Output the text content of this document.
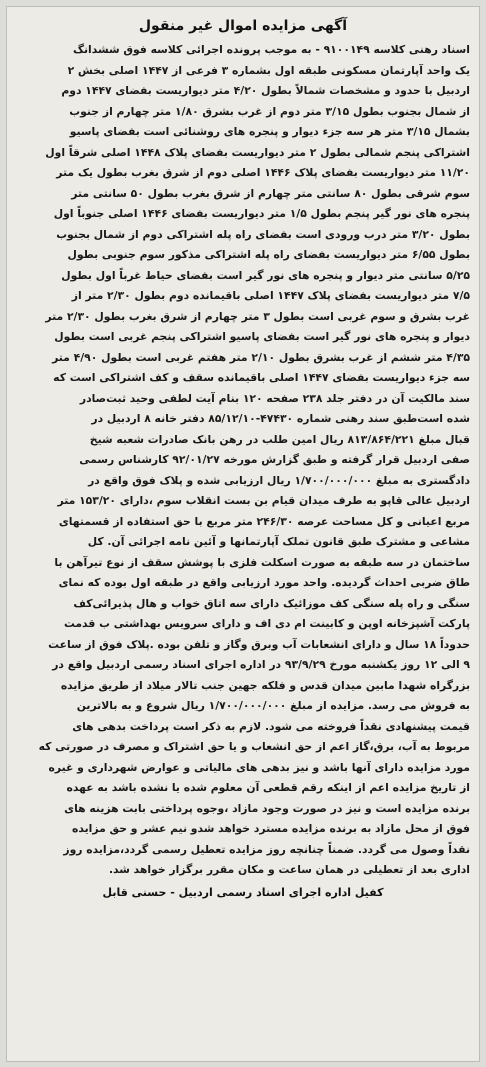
آگهی مزایده اموال غیر منقول
اسناد رهنی کلاسه ۹۱۰۰۱۴۹ - به موجب پرونده اجرائی کلاسه فوق ششدانگ
یک واحد آپارتمان مسکونی طبقه اول بشماره ۳ فرعی از ۱۴۴۷ اصلی بخش ۲
اردبیل با حدود و مشخصات شمالاً بطول ۴/۲۰ متر دیواریست بفضای ۱۴۴۷ دوم
از شمال بجنوب بطول ۳/۱۵ متر دوم از غرب بشرق ۱/۸۰ متر چهارم از جنوب
بشمال ۳/۱۵ متر هر سه جزء دیوار و پنجره های روشنائی است بفضای پاسیو
اشتراکی پنجم شمالی بطول ۲ متر دیواریست بفضای پلاک ۱۴۴۸ اصلی شرقاً اول
۱۱/۲۰ متر دیواریست بفضای پلاک ۱۴۴۶ اصلی دوم از شرق بغرب بطول یک متر
سوم شرقی بطول ۸۰ سانتی متر چهارم از شرق بغرب بطول ۵۰ سانتی متر
پنجره های نور گیر پنجم بطول ۱/۵ متر دیواریست بفضای ۱۴۴۶ اصلی جنوباً اول
بطول ۳/۲۰ متر درب ورودی است بفضای راه پله اشتراکی دوم از شمال بجنوب
بطول ۶/۵۵ متر دیواریست بفضای راه پله اشتراکی مذکور سوم جنوبی بطول
۵/۲۵ سانتی متر دیوار و پنجره های نور گیر است بفضای حیاط غرباً اول بطول
۷/۵ متر دیواریست بفضای پلاک ۱۴۴۷ اصلی باقیمانده دوم بطول ۲/۳۰ متر از
غرب بشرق و سوم غربی است بطول ۳ متر چهارم از شرق بغرب بطول ۲/۳۰ متر
دیوار و پنجره های نور گیر است بفضای پاسیو اشتراکی پنجم غربی است بطول
۴/۳۵ متر ششم از غرب بشرق بطول ۲/۱۰ متر هفتم غربی است بطول ۴/۹۰ متر
سه جزء دیواریست بفضای ۱۴۴۷ اصلی باقیمانده سقف و کف اشتراکی است که
سند مالکیت آن در دفتر جلد ۲۳۸ صفحه ۱۲۰ بنام آیت لطفی وحید ثبت‌صادر
شده است‌طبق سند رهنی شماره ۴۷۴۳۰-۸۵/۱۲/۱۰ دفتر خانه ۸ اردبیل در
قبال مبلغ ۸۱۳/۸۶۴/۲۲۱ ریال امین طلب در رهن بانک صادرات شعبه شیخ
صفی اردبیل قرار گرفته و طبق گزارش مورخه ۹۲/۰۱/۲۷ کارشناس رسمی
دادگستری به مبلغ ۱/۷۰۰/۰۰۰/۰۰۰ ریال ارزیابی شده و پلاک فوق واقع در
اردبیل عالی قاپو به طرف میدان قیام بن بست انقلاب سوم ،دارای ۱۵۳/۲۰ متر
مربع اعیانی و کل مساحت عرصه ۲۴۶/۳۰ متر مربع با حق استفاده از قسمتهای
مشاعی و مشترک طبق قانون تملک آپارتمانها و آئین نامه اجرائی آن. کل
ساختمان در سه طبقه به صورت اسکلت فلزی با پوشش سقف از نوع تیرآهن با
طاق ضربی احداث گردیده. واحد مورد ارزیابی واقع در طبقه اول بوده که نمای
سنگی و راه پله سنگی کف موزائیک دارای سه اتاق خواب و هال پذیرائی‌کف
پارکت آشپزخانه اوپن و کابینت ام دی اف و دارای سرویس بهداشتی ب قدمت
حدوداً ۱۸ سال و دارای انشعابات آب وبرق وگاز و تلفن بوده .پلاک فوق از ساعت
۹ الی ۱۲ روز یکشنبه مورخ ۹۳/۹/۲۹ در اداره اجرای اسناد رسمی اردبیل واقع در
بزرگراه شهدا مابین میدان قدس و فلکه جهین جنب تالار میلاد از طریق مزایده
به فروش می رسد. مزایده از مبلغ ۱/۷۰۰/۰۰۰/۰۰۰ ریال شروع و به بالاترین
قیمت پیشنهادی نقداً فروخته می شود. لازم به ذکر است پرداخت بدهی های
مربوط به آب، برق،گاز اعم از حق انشعاب و یا حق اشتراک و مصرف در صورتی که
مورد مزایده دارای آنها باشد و نیز بدهی های مالیاتی و عوارض شهرداری و غیره
از تاریخ مزایده اعم از اینکه رقم قطعی آن معلوم شده یا نشده باشد به عهده
برنده مزایده است و نیز در صورت وجود مازاد ،وجوه پرداختی بابت هزینه های
فوق از محل مازاد به برنده مزایده مسترد خواهد شدو نیم عشر و حق مزایده
نقداً وصول می گردد. ضمناً چنانچه روز مزایده تعطیل رسمی گردد،مزایده روز
اداری بعد از تعطیلی در همان ساعت و مکان مقرر برگزار خواهد شد.
کفیل اداره اجرای اسناد رسمی اردبیل - حسنی قابل
